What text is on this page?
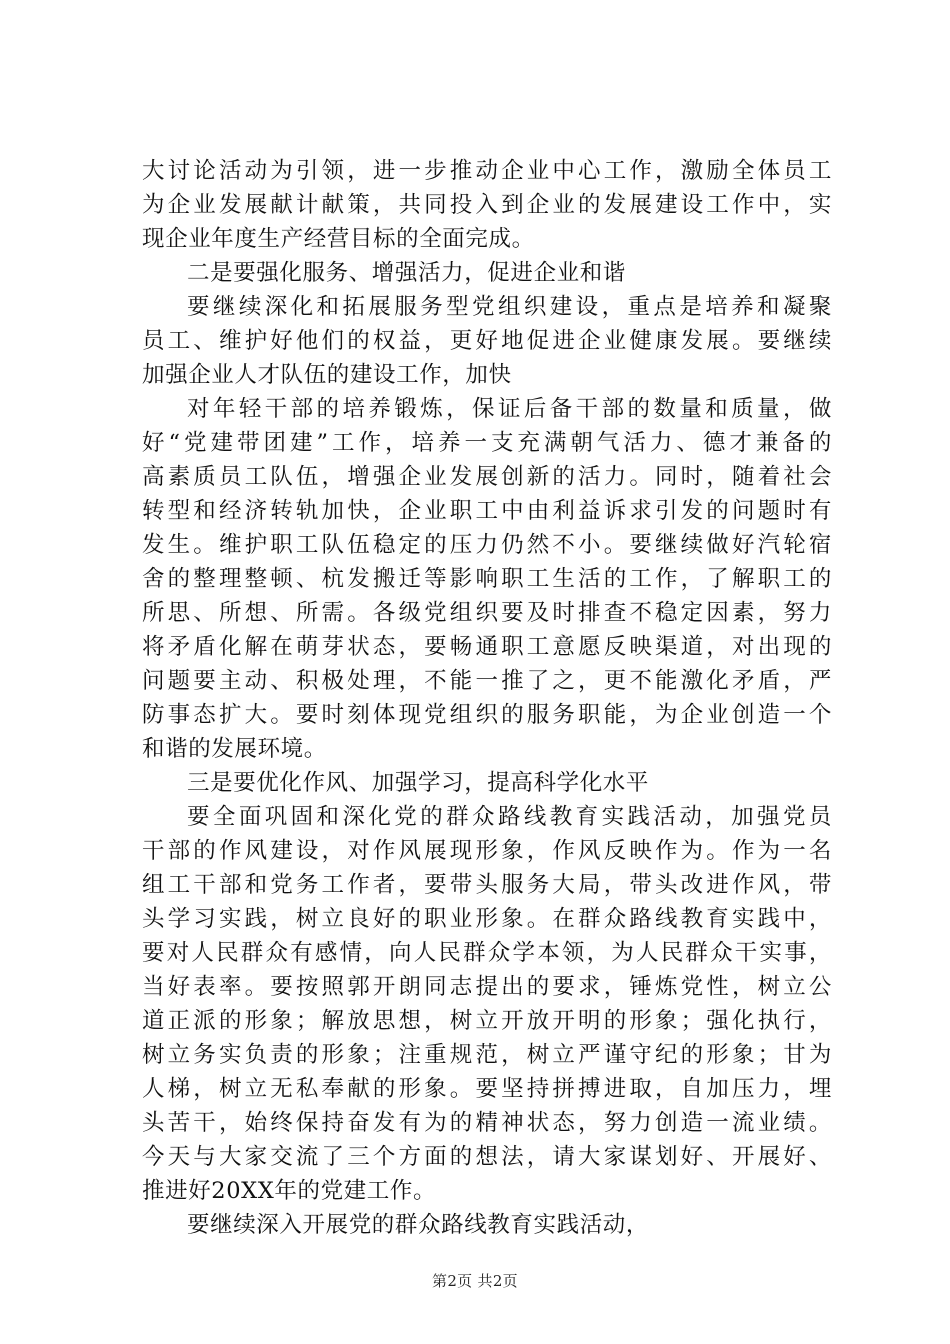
大讨论活动为引领，进一步推动企业中心工作，激励全体员工
为企业发展献计献策，共同投入到企业的发展建设工作中，实
现企业年度生产经营目标的全面完成。
二是要强化服务、增强活力，促进企业和谐
要继续深化和拓展服务型党组织建设，重点是培养和凝聚
员工、维护好他们的权益，更好地促进企业健康发展。要继续
加强企业人才队伍的建设工作，加快
对年轻干部的培养锻炼，保证后备干部的数量和质量，做
好“党建带团建”工作，培养一支充满朝气活力、德才兼备的
高素质员工队伍，增强企业发展创新的活力。同时，随着社会
转型和经济转轨加快，企业职工中由利益诉求引发的问题时有
发生。维护职工队伍稳定的压力仍然不小。要继续做好汽轮宿
舍的整理整顿、杭发搬迁等影响职工生活的工作，了解职工的
所思、所想、所需。各级党组织要及时排查不稳定因素，努力
将矛盾化解在萌芽状态，要畅通职工意愿反映渠道，对出现的
问题要主动、积极处理，不能一推了之，更不能激化矛盾，严
防事态扩大。要时刻体现党组织的服务职能，为企业创造一个
和谐的发展环境。
三是要优化作风、加强学习，提高科学化水平
要全面巩固和深化党的群众路线教育实践活动，加强党员
干部的作风建设，对作风展现形象，作风反映作为。作为一名
组工干部和党务工作者，要带头服务大局，带头改进作风，带
头学习实践，树立良好的职业形象。在群众路线教育实践中，
要对人民群众有感情，向人民群众学本领，为人民群众干实事，
当好表率。要按照郭开朗同志提出的要求，锤炼党性，树立公
道正派的形象；解放思想，树立开放开明的形象；强化执行，
树立务实负责的形象；注重规范，树立严谨守纪的形象；甘为
人梯，树立无私奉献的形象。要坚持拼搏进取，自加压力，埋
头苦干，始终保持奋发有为的精神状态，努力创造一流业绩。
今天与大家交流了三个方面的想法，请大家谋划好、开展好、
推进好20XX年的党建工作。
要继续深入开展党的群众路线教育实践活动，
第2页 共2页
